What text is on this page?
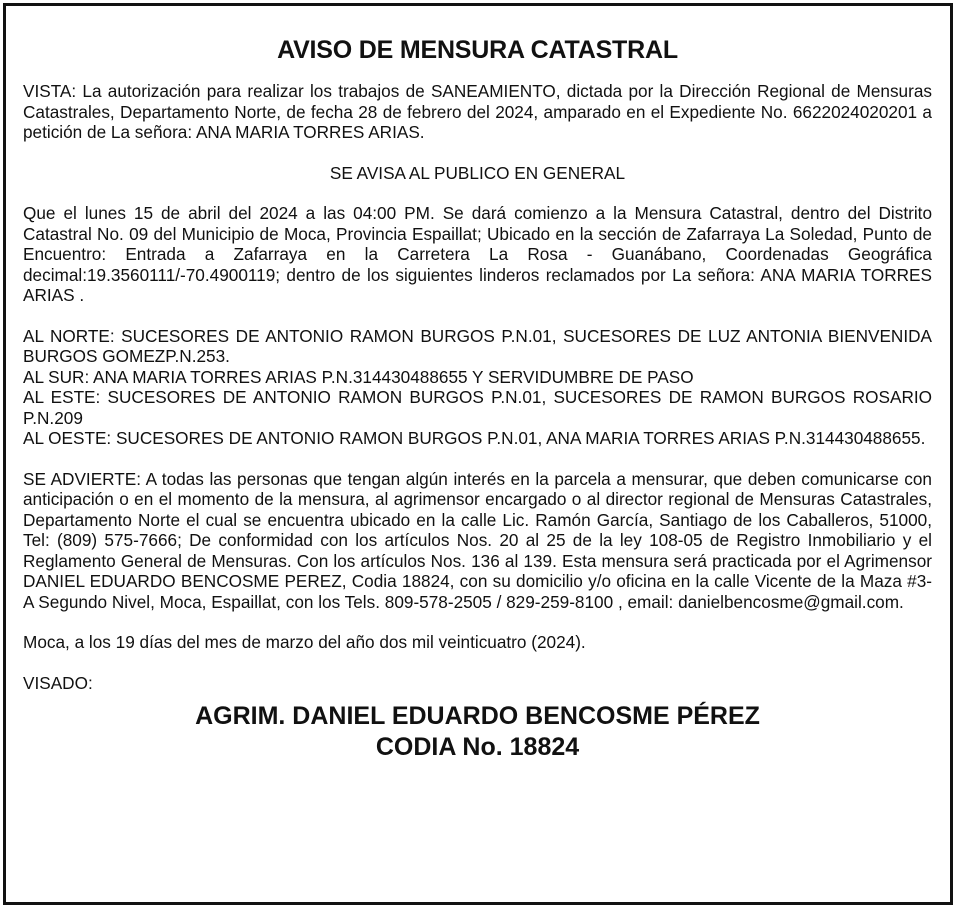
AVISO DE MENSURA CATASTRAL

VISTA: La autorización para realizar los trabajos de SANEAMIENTO, dictada por la Dirección Regional de Mensuras Catastrales, Departamento Norte, de fecha 28 de febrero del 2024, amparado en el Expediente No. 6622024020201 a petición de La señora: ANA MARIA TORRES ARIAS.

SE AVISA AL PUBLICO EN GENERAL

Que el lunes 15 de abril del 2024 a las 04:00 PM. Se dará comienzo a la Mensura Catastral, dentro del Distrito Catastral No. 09 del Municipio de Moca, Provincia Espaillat; Ubicado en la sección de Zafarraya La Soledad, Punto de Encuentro: Entrada a Zafarraya en la Carretera La Rosa - Guanábano, Coordenadas Geográfica decimal:19.3560111/-70.4900119; dentro de los siguientes linderos reclamados por La señora: ANA MARIA TORRES ARIAS .

AL NORTE: SUCESORES DE ANTONIO RAMON BURGOS P.N.01, SUCESORES DE LUZ ANTONIA BIENVENIDA BURGOS GOMEZP.N.253.

AL SUR: ANA MARIA TORRES ARIAS P.N.314430488655 Y SERVIDUMBRE DE PASO

AL ESTE: SUCESORES DE ANTONIO RAMON BURGOS P.N.01, SUCESORES DE RAMON BURGOS ROSARIO P.N.209

AL OESTE: SUCESORES DE ANTONIO RAMON BURGOS P.N.01, ANA MARIA TORRES ARIAS P.N.314430488655.

SE ADVIERTE: A todas las personas que tengan algún interés en la parcela a mensurar, que deben comunicarse con anticipación o en el momento de la mensura, al agrimensor encargado o al director regional de Mensuras Catastrales, Departamento Norte el cual se encuentra ubicado en la calle Lic. Ramón García, Santiago de los Caballeros, 51000, Tel: (809) 575-7666; De conformidad con los artículos Nos. 20 al 25 de la ley 108-05 de Registro Inmobiliario y el Reglamento General de Mensuras. Con los artículos Nos. 136 al 139. Esta mensura será practicada por el Agrimensor DANIEL EDUARDO BENCOSME PEREZ, Codia 18824, con su domicilio y/o oficina en la calle Vicente de la Maza #3-A Segundo Nivel, Moca, Espaillat, con los Tels. 809-578-2505 / 829-259-8100 , email: danielbencosme@gmail.com.

Moca, a los 19 días del mes de marzo del año dos mil veinticuatro (2024).

VISADO:

AGRIM. DANIEL EDUARDO BENCOSME PÉREZ
CODIA No. 18824
